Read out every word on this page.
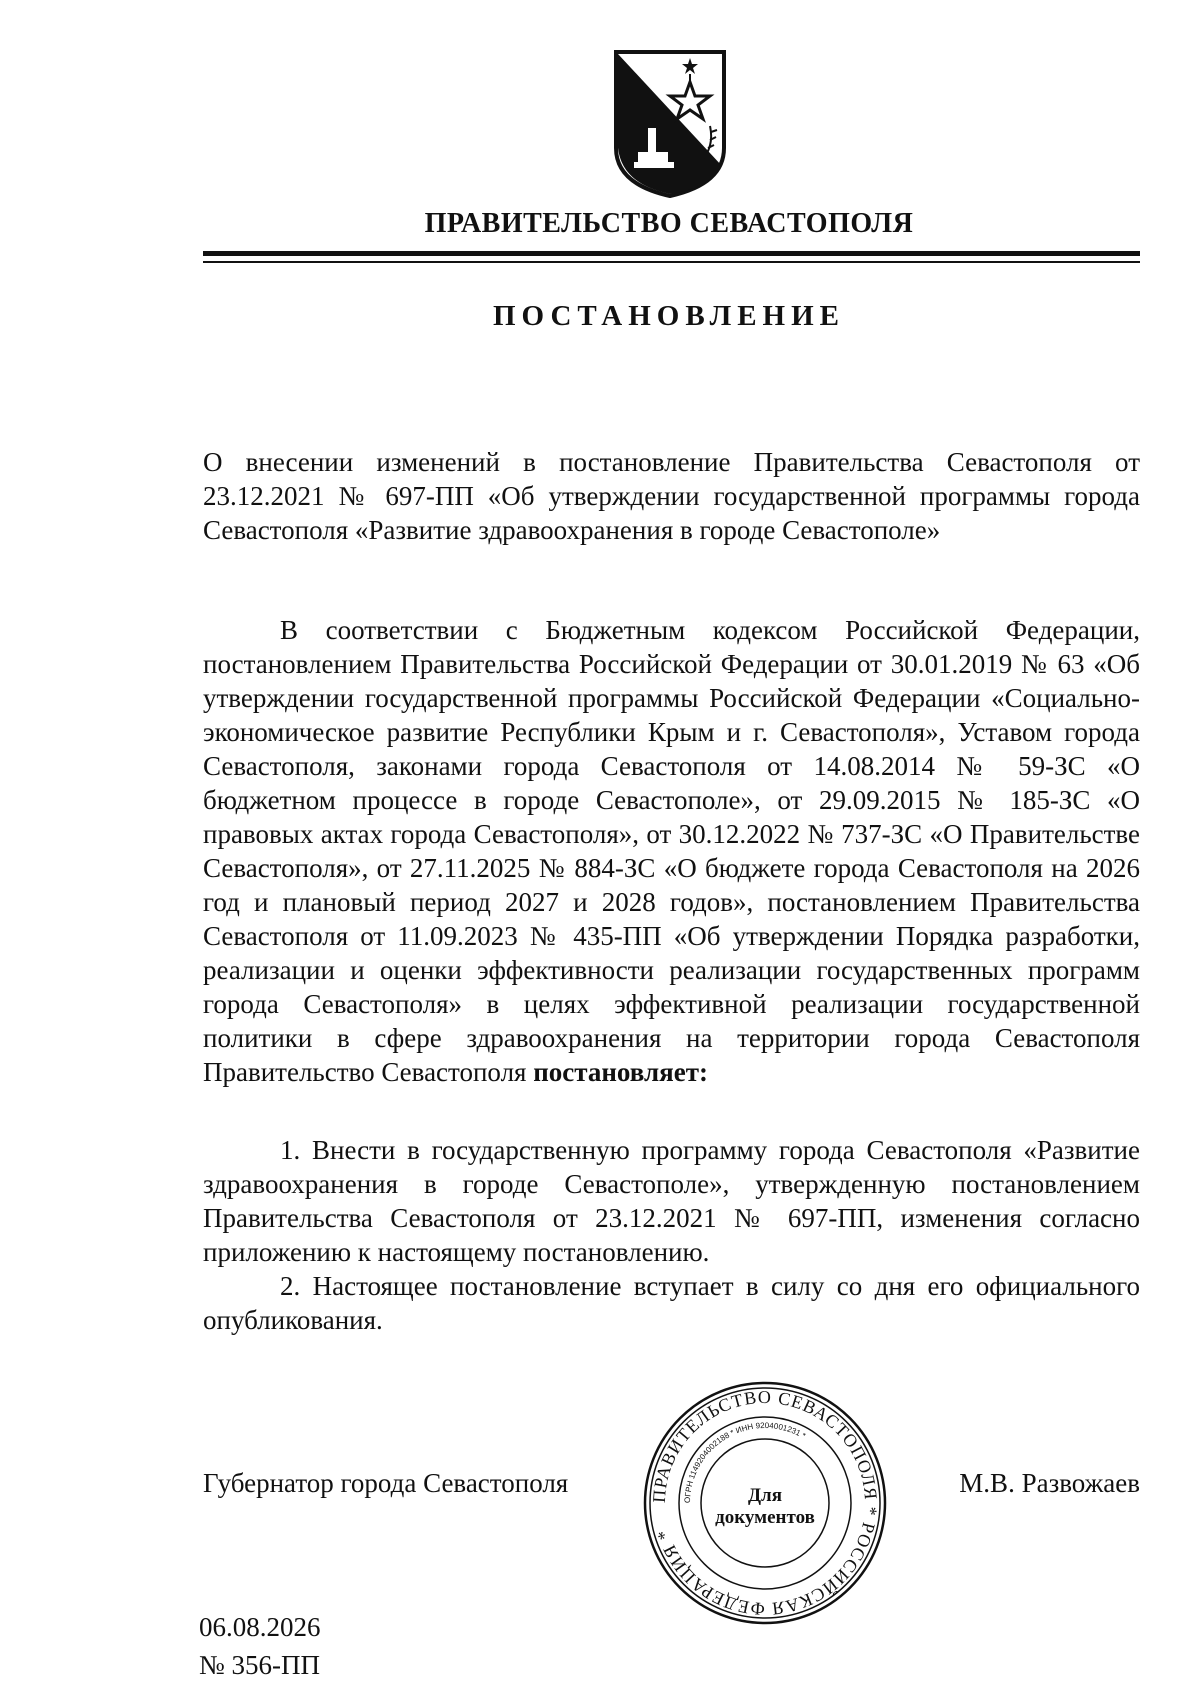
ПРАВИТЕЛЬСТВО СЕВАСТОПОЛЯ
ПОСТАНОВЛЕНИЕ

О внесении изменений в постановление Правительства Севастополя от 23.12.2021 № 697-ПП «Об утверждении государственной программы города Севастополя «Развитие здравоохранения в городе Севастополе»

В соответствии с Бюджетным кодексом Российской Федерации, постановлением Правительства Российской Федерации от 30.01.2019 № 63 «Об утверждении государственной программы Российской Федерации «Социально-экономическое развитие Республики Крым и г. Севастополя», Уставом города Севастополя, законами города Севастополя от 14.08.2014 № 59-ЗС «О бюджетном процессе в городе Севастополе», от 29.09.2015 № 185-ЗС «О правовых актах города Севастополя», от 30.12.2022 № 737-ЗС «О Правительстве Севастополя», от 27.11.2025 № 884-ЗС «О бюджете города Севастополя на 2026 год и плановый период 2027 и 2028 годов», постановлением Правительства Севастополя от 11.09.2023 № 435-ПП «Об утверждении Порядка разработки, реализации и оценки эффективности реализации государственных программ города Севастополя» в целях эффективной реализации государственной политики в сфере здравоохранения на территории города Севастополя Правительство Севастополя постановляет:

1. Внести в государственную программу города Севастополя «Развитие здравоохранения в городе Севастополе», утвержденную постановлением Правительства Севастополя от 23.12.2021 № 697-ПП, изменения согласно приложению к настоящему постановлению.

2. Настоящее постановление вступает в силу со дня его официального опубликования.

Губернатор города Севастополя	ПРАВИТЕЛЬСТВО СЕВАСТОПОЛЯ * РОССИЙСКАЯ ФЕДЕРАЦИЯ *
ОГРН 1149204002188 * ИНН 9204001231 *
Для
документов

М.В. Развожаев

06.08.2026

№ 356-ПП
